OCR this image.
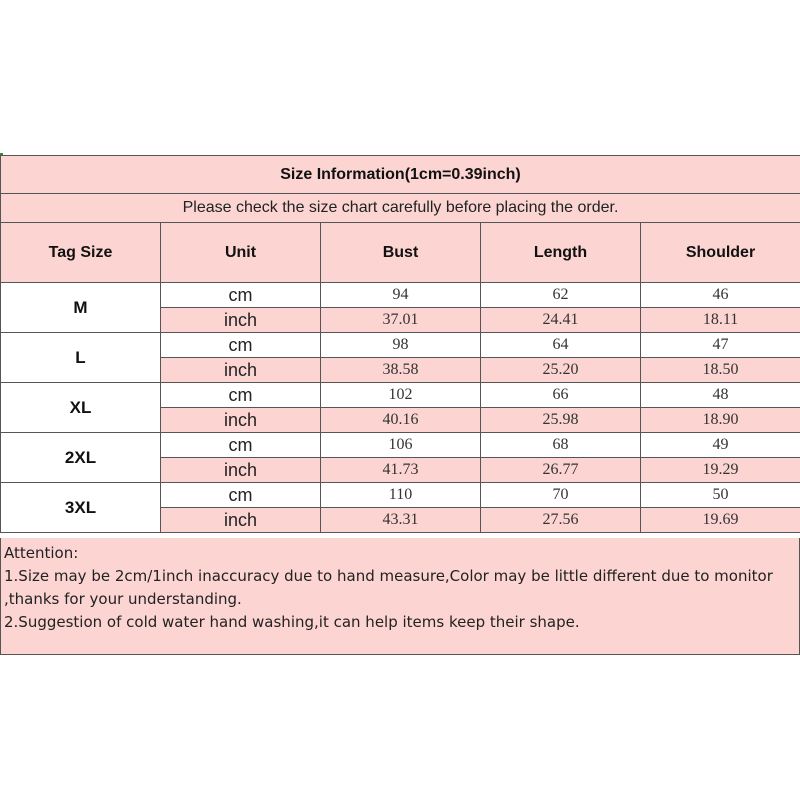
Size Information(1cm=0.39inch)				
Please check the size chart carefully before placing the order.				
Tag Size	Unit	Bust	Length	Shoulder
M	cm	94	62	46
	inch	37.01	24.41	18.11
L	cm	98	64	47
	inch	38.58	25.20	18.50
XL	cm	102	66	48
	inch	40.16	25.98	18.90
2XL	cm	106	68	49
	inch	41.73	26.77	19.29
3XL	cm	110	70	50
	inch	43.31	27.56	19.69
Attention:
1.Size may be 2cm/1inch inaccuracy due to hand measure,Color may be little different due to monitor
,thanks for your understanding.
2.Suggestion of cold water hand washing,it can help items keep their shape.
